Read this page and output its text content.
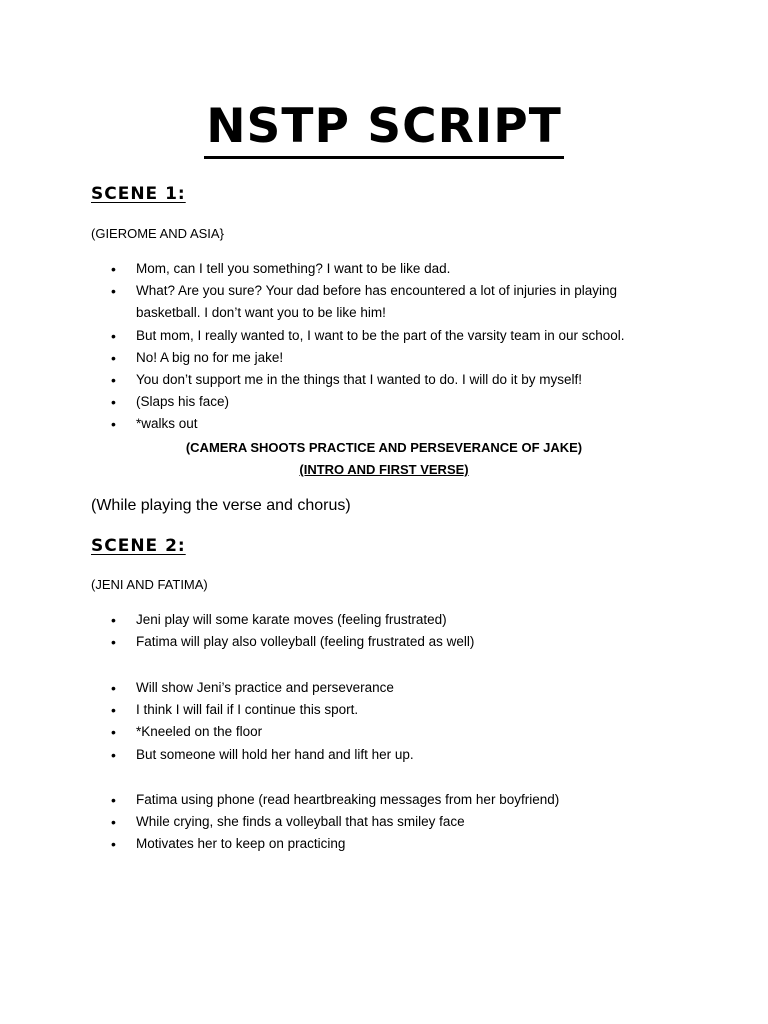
NSTP SCRIPT
SCENE 1:
(GIEROME AND ASIA}
• Mom, can I tell you something? I want to be like dad.
• What? Are you sure? Your dad before has encountered a lot of injuries in playing basketball. I don’t want you to be like him!
• But mom, I really wanted to, I want to be the part of the varsity team in our school.
• No! A big no for me jake!
• You don’t support me in the things that I wanted to do. I will do it by myself!
• (Slaps his face)
• *walks out
(CAMERA SHOOTS PRACTICE AND PERSEVERANCE OF JAKE)
(INTRO AND FIRST VERSE)
(While playing the verse and chorus)
SCENE 2:
(JENI AND FATIMA)
• Jeni play will some karate moves (feeling frustrated)
• Fatima will play also volleyball (feeling frustrated as well)
• Will show Jeni’s practice and perseverance
• I think I will fail if I continue this sport.
• *Kneeled on the floor
• But someone will hold her hand and lift her up.
• Fatima using phone (read heartbreaking messages from her boyfriend)
• While crying, she finds a volleyball that has smiley face
• Motivates her to keep on practicing
